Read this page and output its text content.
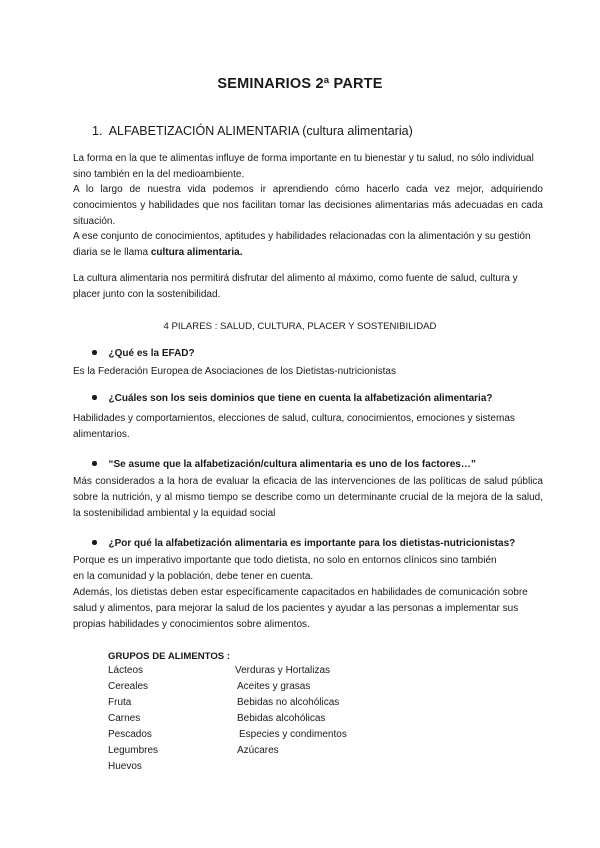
SEMINARIOS 2ª PARTE
1. ALFABETIZACIÓN ALIMENTARIA (cultura alimentaria)
La forma en la que te alimentas influye de forma importante en tu bienestar y tu salud, no sólo individual sino también en la del medioambiente.
A lo largo de nuestra vida podemos ir aprendiendo cómo hacerlo cada vez mejor, adquiriendo conocimientos y habilidades que nos facilitan tomar las decisiones alimentarias más adecuadas en cada situación.
A ese conjunto de conocimientos, aptitudes y habilidades relacionadas con la alimentación y su gestión diaria se le llama cultura alimentaria.
La cultura alimentaria nos permitirá disfrutar del alimento al máximo, como fuente de salud, cultura y placer junto con la sostenibilidad.
4 PILARES : SALUD, CULTURA, PLACER Y SOSTENIBILIDAD
¿Qué es la EFAD?
Es la Federación Europea de Asociaciones de los Dietistas-nutricionistas
¿Cuáles son los seis dominios que tiene en cuenta la alfabetización alimentaria?
Habilidades y comportamientos, elecciones de salud, cultura, conocimientos, emociones y sistemas alimentarios.
“Se asume que la alfabetización/cultura alimentaria es uno de los factores…”
Más considerados a la hora de evaluar la eficacia de las intervenciones de las políticas de salud pública sobre la nutrición, y al mismo tiempo se describe como un determinante crucial de la mejora de la salud, la sostenibilidad ambiental y la equidad social
¿Por qué la alfabetización alimentaria es importante para los dietistas-nutricionistas?
Porque es un imperativo importante que todo dietista, no solo en entornos clínicos sino también en la comunidad y la población, debe tener en cuenta.
Además, los dietistas deben estar específicamente capacitados en habilidades de comunicación sobre salud y alimentos, para mejorar la salud de los pacientes y ayudar a las personas a implementar sus propias habilidades y conocimientos sobre alimentos.
GRUPOS DE ALIMENTOS :
Lácteos
Cereales
Fruta
Carnes
Pescados
Legumbres
Huevos
Verduras y Hortalizas
Aceites y grasas
Bebidas no alcohólicas
Bebidas alcohólicas
Especies y condimentos
Azúcares
